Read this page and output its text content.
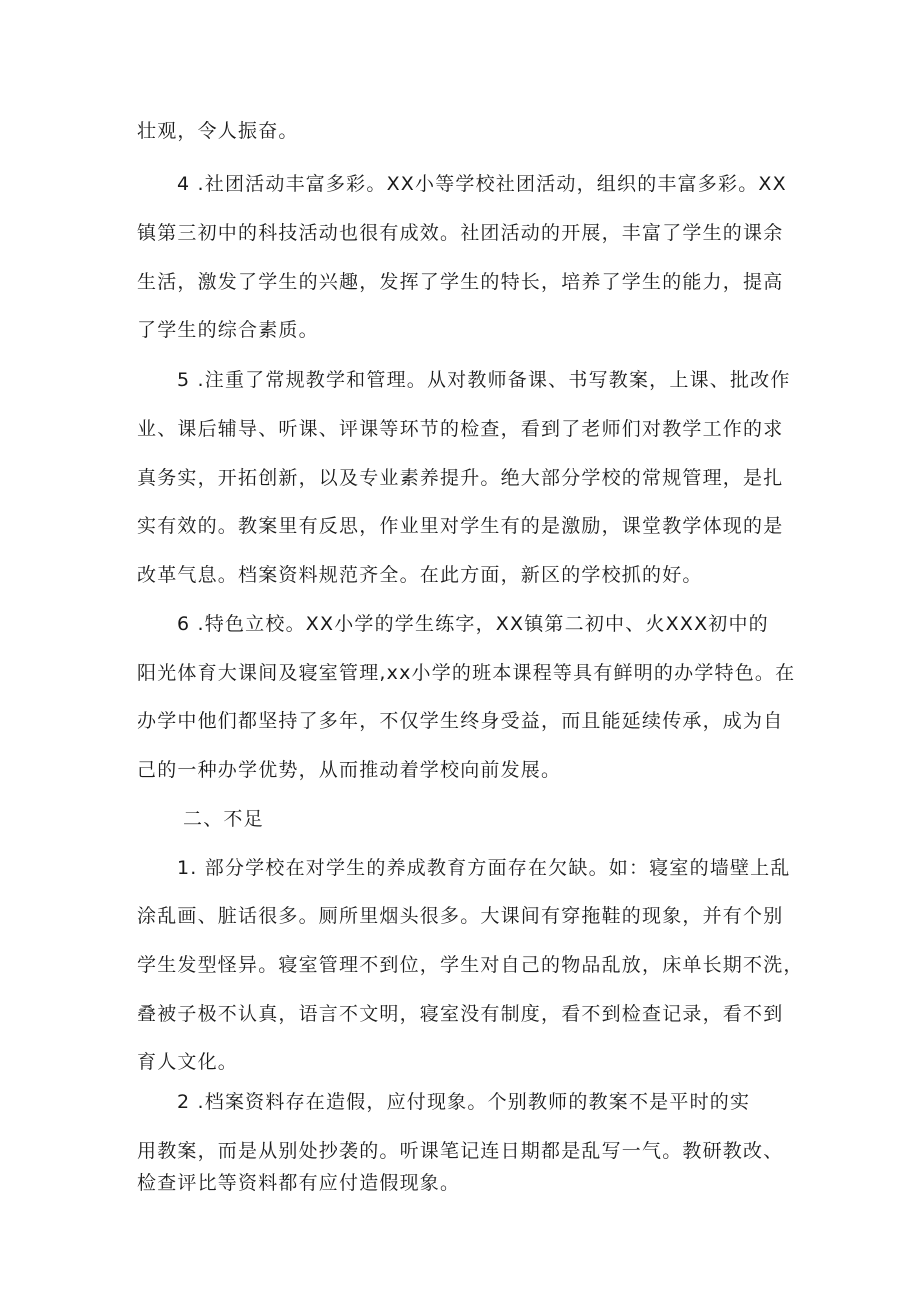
壮观，令人振奋。
4 .社团活动丰富多彩。XX小等学校社团活动，组织的丰富多彩。XX
镇第三初中的科技活动也很有成效。社团活动的开展，丰富了学生的课余
生活，激发了学生的兴趣，发挥了学生的特长，培养了学生的能力，提高
了学生的综合素质。
5 .注重了常规教学和管理。从对教师备课、书写教案，上课、批改作
业、课后辅导、听课、评课等环节的检查，看到了老师们对教学工作的求
真务实，开拓创新，以及专业素养提升。绝大部分学校的常规管理，是扎
实有效的。教案里有反思，作业里对学生有的是激励，课堂教学体现的是
改革气息。档案资料规范齐全。在此方面，新区的学校抓的好。
6 .特色立校。XX小学的学生练字，XX镇第二初中、火XXX初中的
阳光体育大课间及寝室管理,xx小学的班本课程等具有鲜明的办学特色。在
办学中他们都坚持了多年，不仅学生终身受益，而且能延续传承，成为自
己的一种办学优势，从而推动着学校向前发展。
二、不足
1. 部分学校在对学生的养成教育方面存在欠缺。如：寝室的墙壁上乱
涂乱画、脏话很多。厕所里烟头很多。大课间有穿拖鞋的现象，并有个别
学生发型怪异。寝室管理不到位，学生对自己的物品乱放，床单长期不洗，
叠被子极不认真，语言不文明，寝室没有制度，看不到检查记录，看不到
育人文化。
2 .档案资料存在造假，应付现象。个别教师的教案不是平时的实
用教案，而是从别处抄袭的。听课笔记连日期都是乱写一气。教研教改、
检查评比等资料都有应付造假现象。
